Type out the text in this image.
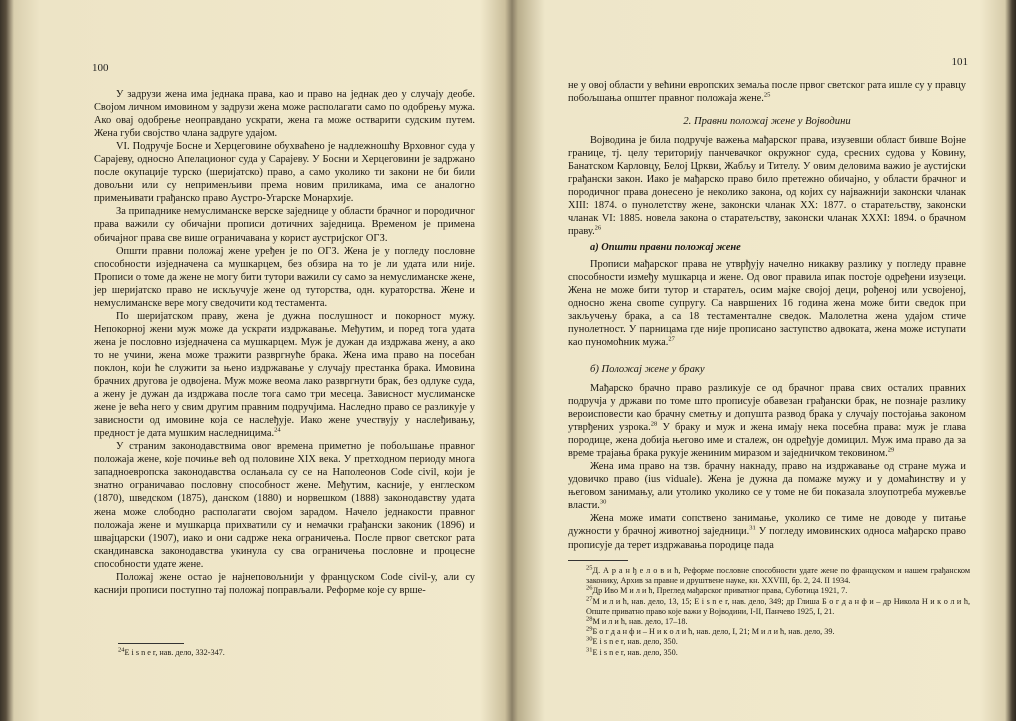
100

У задрузи жена има једнака права, као и право на једнак део у случају деобе. Својом личном имовином у задрузи жена може располагати само по одобрењу мужа. Ако овај одобрење неоправдано ускрати, жена га може остварити судским путем. Жена губи својство члана задруге удајом.

VI. Подручје Босне и Херцеговине обухваћено је надлежношћу Врховног суда у Сарајеву, односно Апелационог суда у Сарајеву. У Босни и Херцеговини је задржано после окупације турско (шеријатско) право, а само уколико ти закони не би били довољни или су неприменљиви према новим приликама, има се аналогно примењивати грађанско право Аустро-Угарске Монархије.

За припаднике немуслиманске верске заједнице у области брачног и породичног права важили су обичајни прописи дотичних заједница. Временом је примена обичајног права све више ограничавана у корист аустријског ОГЗ.

Општи правни положај жене уређен је по ОГЗ. Жена је у погледу пословне способности изједначена са мушкарцем, без обзира на то је ли удата или није. Прописи о томе да жене не могу бити тутори важили су само за немуслиманске жене, јер шеријатско право не искључује жене од туторства, одн. кураторства. Жене и немуслиманске вере могу сведочити код тестамента.

По шеријатском праву, жена је дужна послушност и покорност мужу. Непокорној жени муж може да ускрати издржавање. Међутим, и поред тога удата жена је пословно изједначена са мушкарцем. Муж је дужан да издржава жену, а ако то не учини, жена може тражити развргнуће брака. Жена има право на посебан поклон, који ће служити за њено издржавање у случају престанка брака. Имовина брачних другова је одвојена. Муж може веома лако развргнути брак, без одлуке суда, а жену је дужан да издржава после тога само три месеца. Зависност муслиманске жене је већа него у свим другим правним подручјима. Наследно право се разликује у зависности од имовине која се наслеђује. Иако жене учествују у наслеђивању, предност је дата мушким наследницима.$^{24}$

У страним законодавствима овог времена приметно је побољшање правног положаја жене, које почиње већ од половине XIX века. У претходном периоду многа западноевропска законодавства ослањала су се на Наполеонов Code civil, који је знатно ограничавао пословну способност жене. Међутим, касније, у енглеском (1870), шведском (1875), данском (1880) и норвешком (1888) законодавству удата жена може слободно располагати својом зарадом. Начело једнакости правног положаја жене и мушкарца прихватили су и немачки грађански законик (1896) и швајцарски (1907), иако и они садрже нека ограничења. После првог светског рата скандинавска законодавства укинула су сва ограничења пословне и процесне способности удате жене.

Положај жене остао је најнеповољнији у француском Code civil-у, али су каснији прописи поступно тај положај поправљали. Реформе које су врше-

$^{24}$E i s n e r, нав. дело, 332-347.

101

не у овој области у већини европских земаља после првог светског рата ишле су у правцу побољшања општег правног положаја жене.$^{25}$

2. Правни положај жене у Војводини

Војводина је била подручје важења мађарског права, изузевши област бивше Војне границе, тј. целу територију панчевачког окружног суда, сресних судова у Ковину, Банатском Карловцу, Белој Цркви, Жабљу и Тителу. У овим деловима важио је аустијски грађански закон. Иако је мађарско право било претежно обичајно, у области брачног и породичног права донесено је неколико закона, од којих су најважнији законски чланак XIII: 1874. о пунолетству жене, законски чланак XX: 1877. о старатељству, законски чланак VI: 1885. новела закона о старатељству, законски чланак XXXI: 1894. о брачном праву.$^{26}$

а) Општи правни положај жене

Прописи мађарског права не утврђују начелно никакву разлику у погледу правне способности између мушкарца и жене. Од овог правила ипак постоје одређени изузеци. Жена не може бити тутор и старатељ, осим мајке својој деци, рођеној или усвојеној, односно жена свome супругу. Са навршених 16 година жена може бити сведок при закључењу брака, а са 18 тестаменталне сведок. Малолетна жена удајом стиче пунолетност. У парницама где није прописано заступство адвоката, жена може иступати као пуномоћник мужа.$^{27}$

б) Положај жене у браку

Мађарско брачно право разликује се од брачног права свих осталих правних подручја у држави по томе што прописује обавезан грађански брак, не познаје разлику вероисповести као брачну сметњу и допушта развод брака у случају постојања законом утврђених узрока.$^{28}$ У браку и муж и жена имају нека посебна права: муж је глава породице, жена добија његово име и сталеж, он одређује домицил. Муж има право да за време трајања брака рукује жениним миразом и заједничком тековином.$^{29}$

Жена има право на тзв. брачну накнаду, право на издржавање од стране мужа и удовичко право (ius viduale). Жена је дужна да помаже мужу и у домаћинству и у његовом занимању, али утолико уколико се у томе не би показала злоупотреба мужевље власти.$^{30}$

Жена може имати сопствено занимање, уколико се тиме не доводе у питање дужности у брачној животној заједници.$^{31}$ У погледу имовинских односа мађарско право прописује да терет издржавања породице пада

$^{25}$Д. А р а н ђ е л о в и ћ, Реформе пословне способности удате жене по француском и нашем грађанском законику, Архив за правне и друштвене науке, кн. XXVIII, бр. 2, 24. II 1934.

$^{26}$Др Иво М и л и ћ, Преглед мађарског приватног права, Суботица 1921, 7.

$^{27}$М и л и ћ, нав. дело, 13, 15; E i s n e r, нав. дело, 349; др Глиша Б о г д а н ф и – др Никола Н и к о л и ћ, Опште приватно право које важи у Војводини, I-II, Панчево 1925, I, 21.

$^{28}$М и л и ћ, нав. дело, 17–18.

$^{29}$Б о г д а н ф и – Н и к о л и ћ, нав. дело, I, 21; М и л и ћ, нав. дело, 39.

$^{30}$E i s n e r, нав. дело, 350.

$^{31}$E i s n e r, нав. дело, 350.
